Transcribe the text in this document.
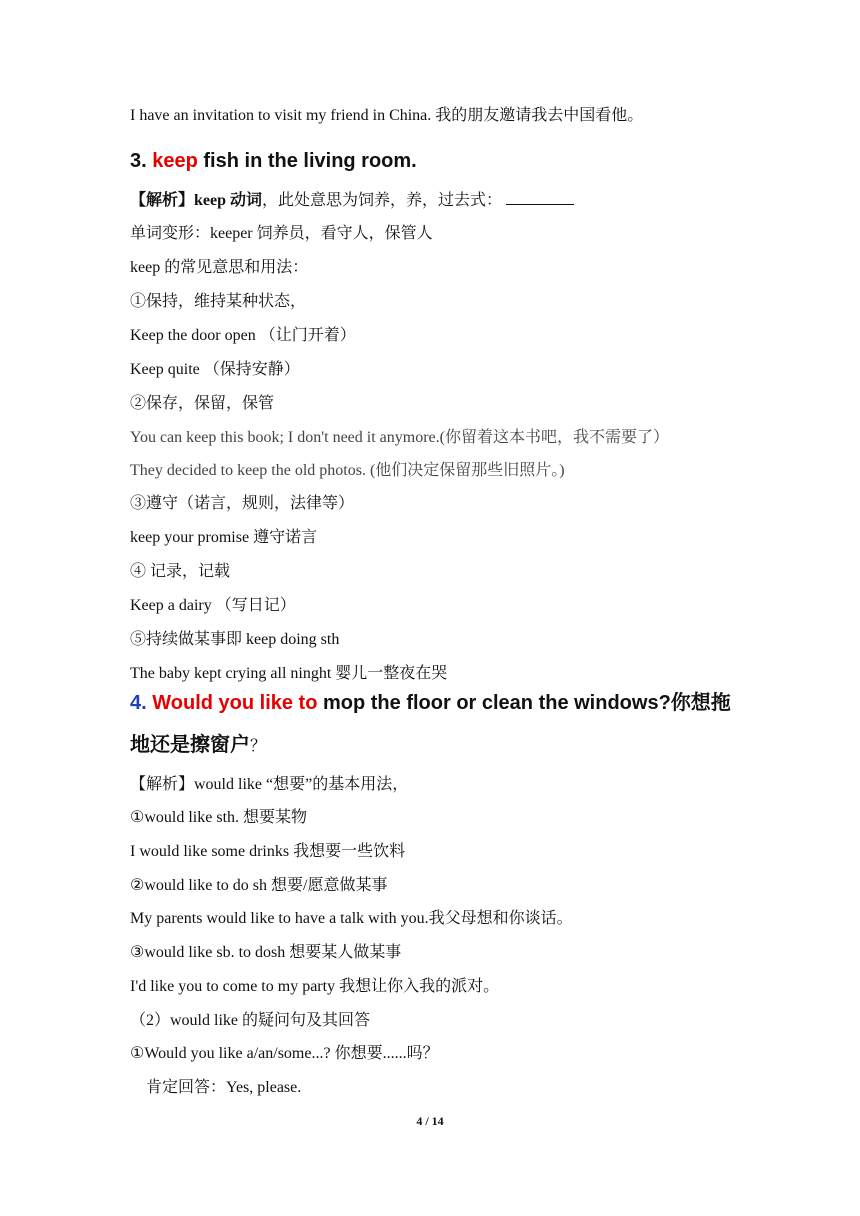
I have an invitation to visit my friend in China. 我的朋友邀请我去中国看他。
3. keep fish in the living room.
【解析】keep 动词，此处意思为饲养，养，过去式：
单词变形：keeper 饲养员，看守人，保管人
keep 的常见意思和用法：
①保持，维持某种状态，
Keep the door open （让门开着）
Keep quite （保持安静）
②保存，保留，保管
You can keep this book; I don't need it anymore.(你留着这本书吧，我不需要了）
They decided to keep the old photos. (他们决定保留那些旧照片。)
③遵守（诺言，规则，法律等）
keep your promise 遵守诺言
④ 记录，记载
Keep a dairy （写日记）
⑤持续做某事即 keep doing sth
The baby kept crying all ninght 婴儿一整夜在哭
4. Would you like to mop the floor or clean the windows?你想拖
地还是擦窗户？
【解析】would like “想要”的基本用法，
①would like sth. 想要某物
I would like some drinks 我想要一些饮料
②would like to do sh 想要/愿意做某事
My parents would like to have a talk with you.我父母想和你谈话。
③would like sb. to dosh 想要某人做某事
I'd like you to come to my party 我想让你入我的派对。
（2）would like 的疑问句及其回答
①Would you like a/an/some...? 你想要......吗？
肯定回答：Yes, please.
4 / 14
